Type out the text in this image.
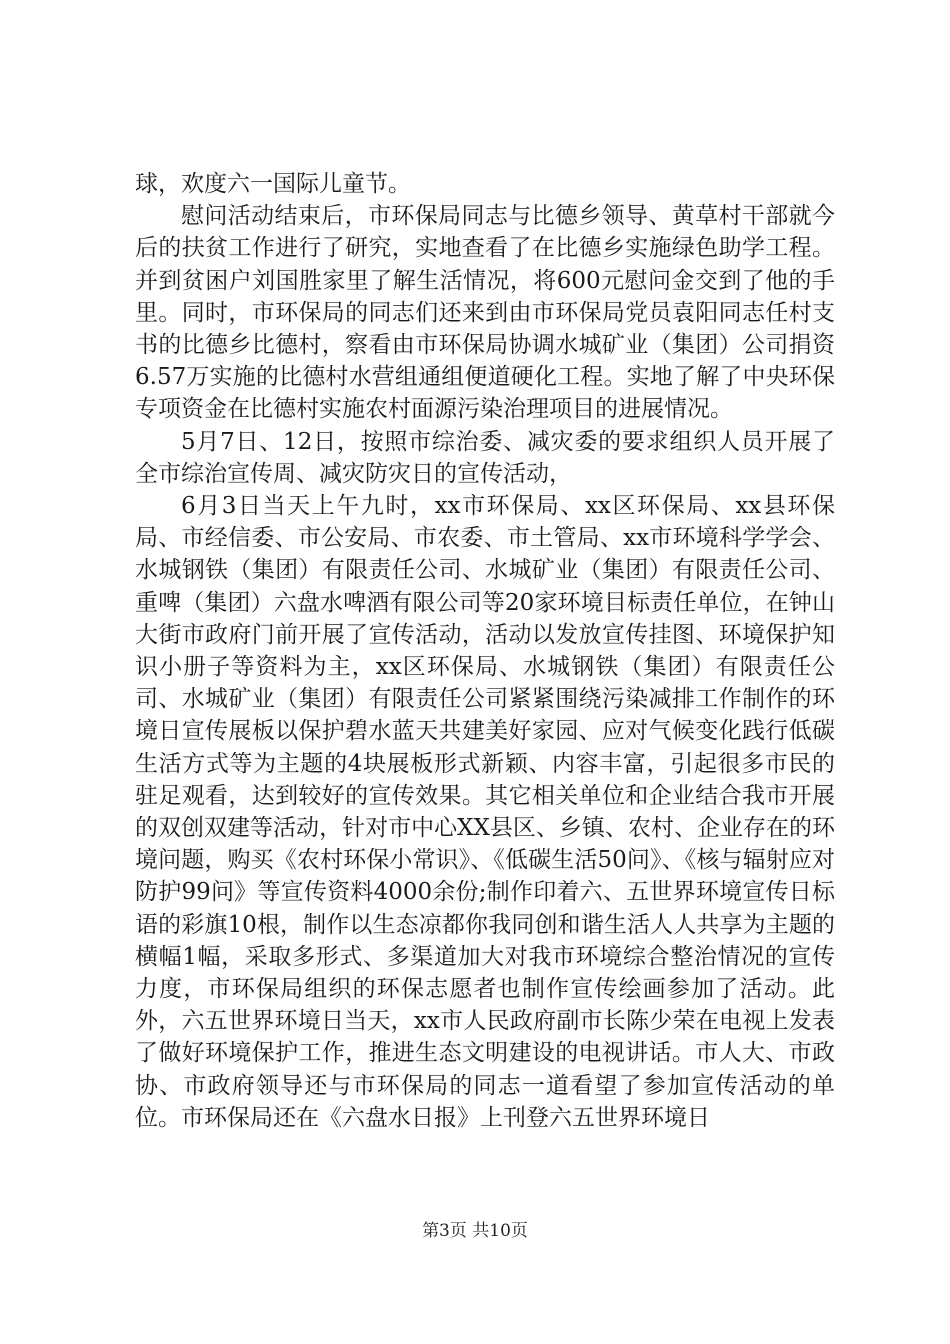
球，欢度六一国际儿童节。

慰问活动结束后，市环保局同志与比德乡领导、黄草村干部就今后的扶贫工作进行了研究，实地查看了在比德乡实施绿色助学工程。并到贫困户刘国胜家里了解生活情况，将600元慰问金交到了他的手里。同时，市环保局的同志们还来到由市环保局党员袁阳同志任村支书的比德乡比德村，察看由市环保局协调水城矿业（集团）公司捐资6.57万实施的比德村水营组通组便道硬化工程。实地了解了中央环保专项资金在比德村实施农村面源污染治理项目的进展情况。

5月7日、12日，按照市综治委、减灾委的要求组织人员开展了全市综治宣传周、减灾防灾日的宣传活动，

6月3日当天上午九时，xx市环保局、xx区环保局、xx县环保局、市经信委、市公安局、市农委、市土管局、xx市环境科学学会、水城钢铁（集团）有限责任公司、水城矿业（集团）有限责任公司、重啤（集团）六盘水啤酒有限公司等20家环境目标责任单位，在钟山大街市政府门前开展了宣传活动，活动以发放宣传挂图、环境保护知识小册子等资料为主，xx区环保局、水城钢铁（集团）有限责任公司、水城矿业（集团）有限责任公司紧紧围绕污染减排工作制作的环境日宣传展板以保护碧水蓝天共建美好家园、应对气候变化践行低碳生活方式等为主题的4块展板形式新颖、内容丰富，引起很多市民的驻足观看，达到较好的宣传效果。其它相关单位和企业结合我市开展的双创双建等活动，针对市中心XX县区、乡镇、农村、企业存在的环境问题，购买《农村环保小常识》、《低碳生活50问》、《核与辐射应对防护99问》等宣传资料4000余份;制作印着六、五世界环境宣传日标语的彩旗10根，制作以生态凉都你我同创和谐生活人人共享为主题的横幅1幅，采取多形式、多渠道加大对我市环境综合整治情况的宣传力度，市环保局组织的环保志愿者也制作宣传绘画参加了活动。此外，六五世界环境日当天，xx市人民政府副市长陈少荣在电视上发表了做好环境保护工作，推进生态文明建设的电视讲话。市人大、市政协、市政府领导还与市环保局的同志一道看望了参加宣传活动的单位。市环保局还在《六盘水日报》上刊登六五世界环境日

第3页 共10页
